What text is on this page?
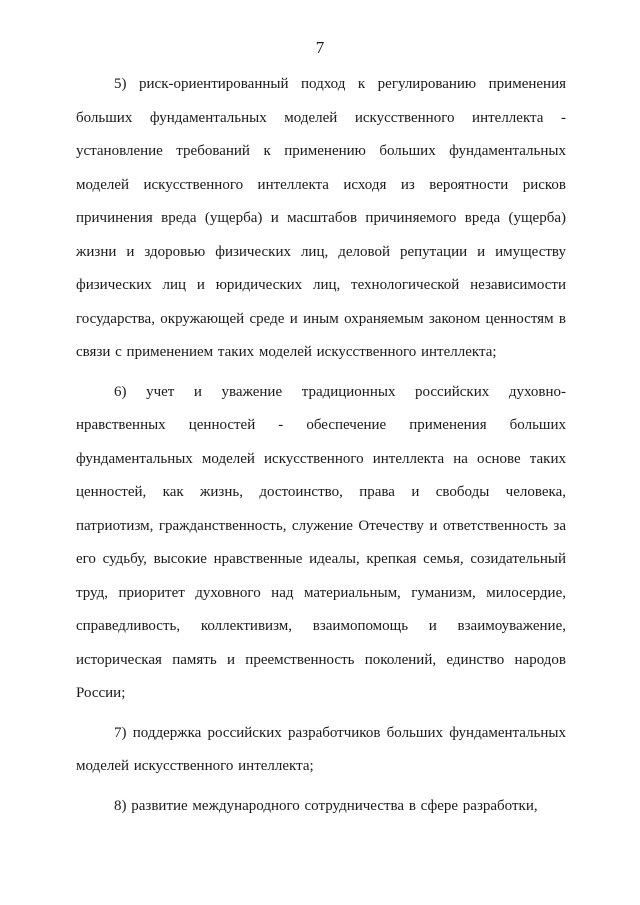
7

5) риск-ориентированный подход к регулированию применения больших фундаментальных моделей искусственного интеллекта - установление требований к применению больших фундаментальных моделей искусственного интеллекта исходя из вероятности рисков причинения вреда (ущерба) и масштабов причиняемого вреда (ущерба) жизни и здоровью физических лиц, деловой репутации и имуществу физических лиц и юридических лиц, технологической независимости государства, окружающей среде и иным охраняемым законом ценностям в связи с применением таких моделей искусственного интеллекта;

6) учет и уважение традиционных российских духовно-нравственных ценностей - обеспечение применения больших фундаментальных моделей искусственного интеллекта на основе таких ценностей, как жизнь, достоинство, права и свободы человека, патриотизм, гражданственность, служение Отечеству и ответственность за его судьбу, высокие нравственные идеалы, крепкая семья, созидательный труд, приоритет духовного над материальным, гуманизм, милосердие, справедливость, коллективизм, взаимопомощь и взаимоуважение, историческая память и преемственность поколений, единство народов России;

7) поддержка российских разработчиков больших фундаментальных моделей искусственного интеллекта;

8) развитие международного сотрудничества в сфере разработки,
